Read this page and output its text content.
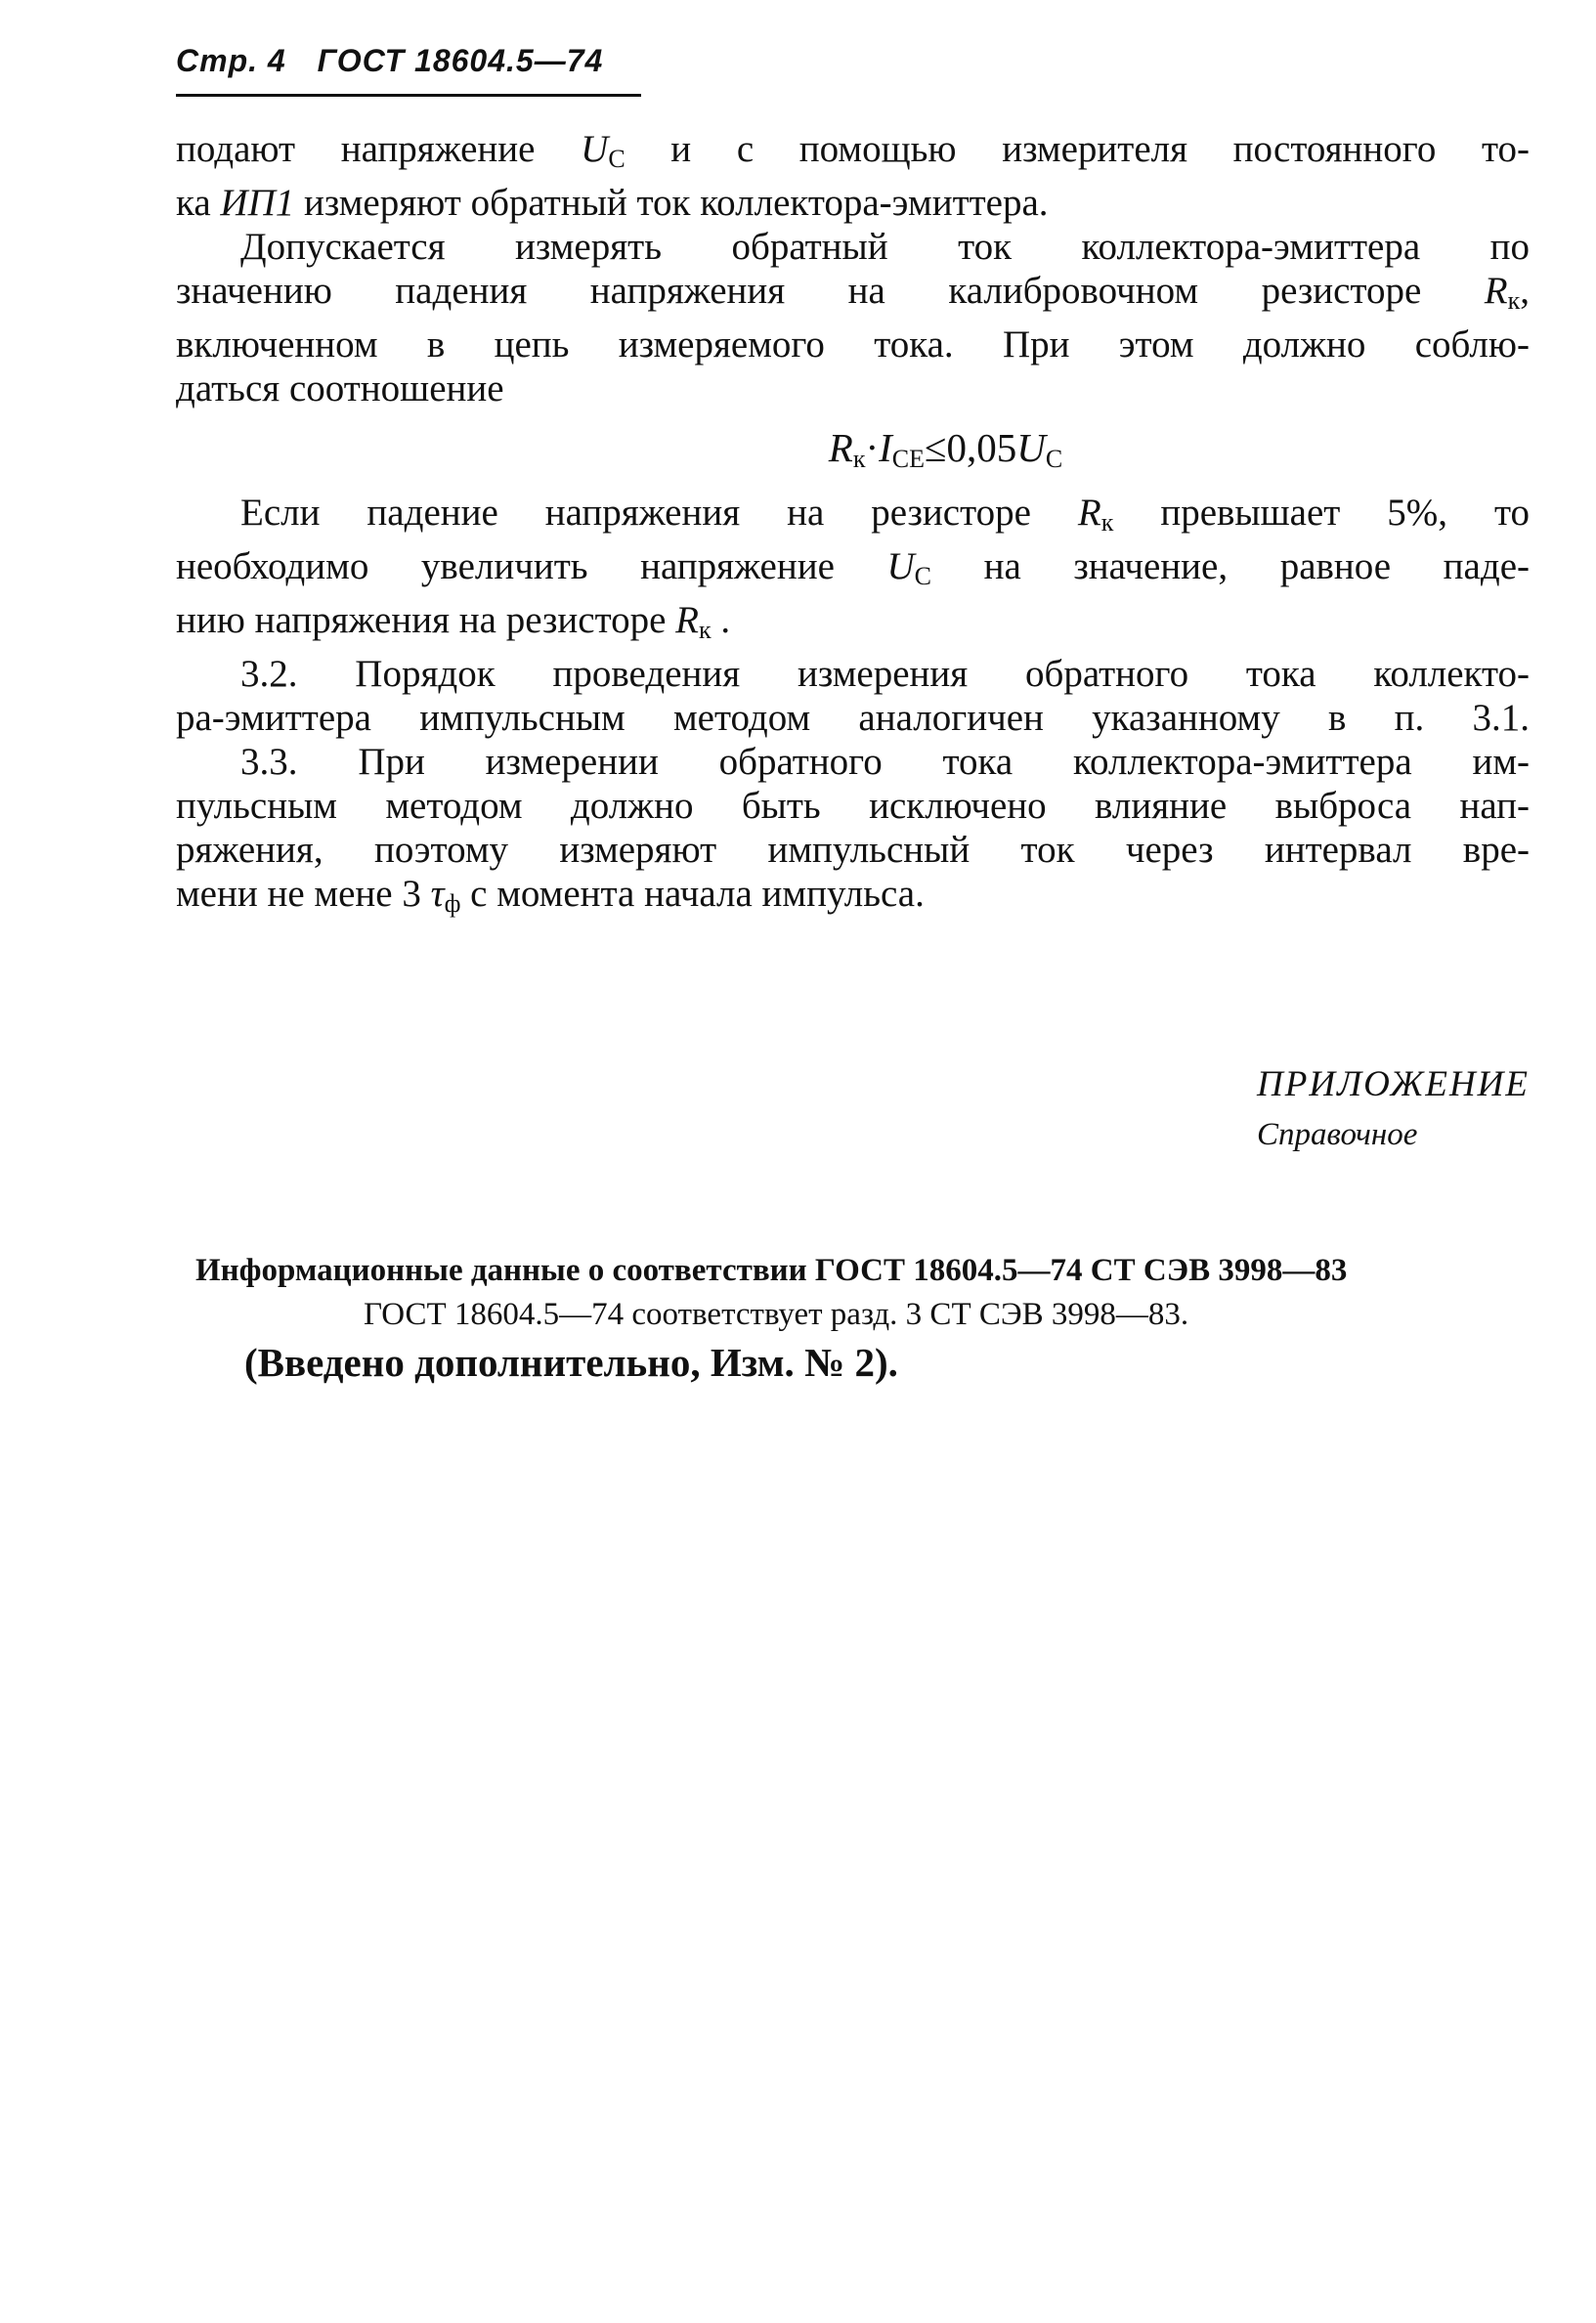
Стр. 4 ГОСТ 18604.5—74
подают напряжение $U_C$ и с помощью измерителя постоянного то-
ка ИП1 измеряют обратный ток коллектора-эмиттера.
Допускается измерять обратный ток коллектора-эмиттера по
значению падения напряжения на калибровочном резисторе $R_к$,
включенном в цепь измеряемого тока. При этом должно соблю-
даться соотношение
$R_к\cdot I_{CE}\le 0,05U_C$
Если падение напряжения на резисторе $R_к$ превышает 5%, то
необходимо увеличить напряжение $U_C$ на значение, равное паде-
нию напряжения на резисторе $R_к$ .
3.2. Порядок проведения измерения обратного тока коллекто-
ра-эмиттера импульсным методом аналогичен указанному в п. 3.1.
3.3. При измерении обратного тока коллектора-эмиттера им-
пульсным методом должно быть исключено влияние выброса нап-
ряжения, поэтому измеряют импульсный ток через интервал вре-
мени не мене 3 $\tau_ф$ с момента начала импульса.
ПРИЛОЖЕНИЕ
Справочное
Информационные данные о соответствии ГОСТ 18604.5—74 СТ СЭВ 3998—83
ГОСТ 18604.5—74 соответствует разд. 3 СТ СЭВ 3998—83.
(Введено дополнительно, Изм. № 2).
